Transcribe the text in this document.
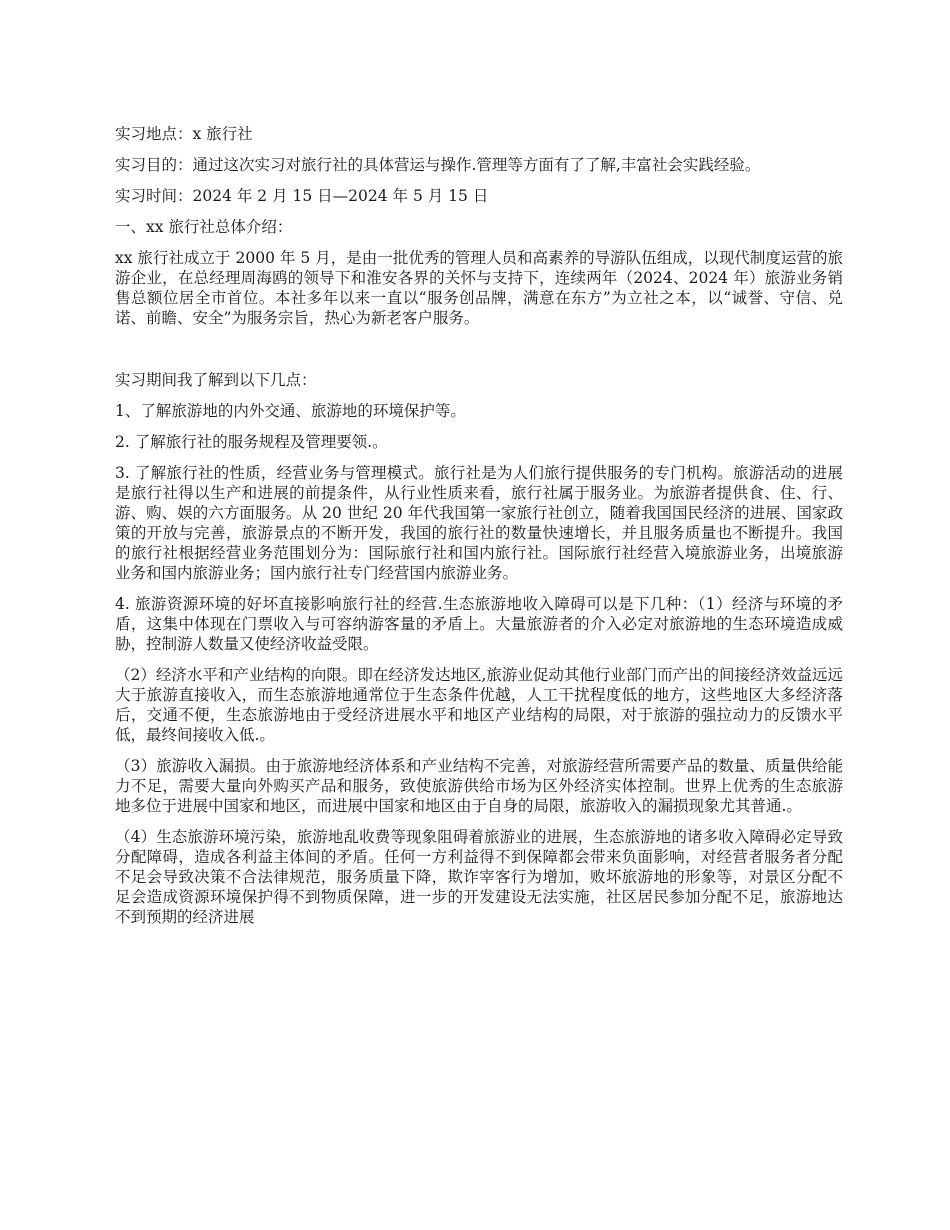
实习地点：x 旅行社

实习目的：通过这次实习对旅行社的具体营运与操作.管理等方面有了了解,丰富社会实践经验。

实习时间：2024 年 2 月 15 日—2024 年 5 月 15 日

一、xx 旅行社总体介绍：

xx 旅行社成立于 2000 年 5 月，是由一批优秀的管理人员和高素养的导游队伍组成，以现代制度运营的旅游企业，在总经理周海鸥的领导下和淮安各界的关怀与支持下，连续两年（2024、2024 年）旅游业务销售总额位居全市首位。本社多年以来一直以“服务创品牌，满意在东方”为立社之本，以“诚誉、守信、兑诺、前瞻、安全”为服务宗旨，热心为新老客户服务。

实习期间我了解到以下几点：

1、了解旅游地的内外交通、旅游地的环境保护等。

2. 了解旅行社的服务规程及管理要领.。

3. 了解旅行社的性质，经营业务与管理模式。旅行社是为人们旅行提供服务的专门机构。旅游活动的进展是旅行社得以生产和进展的前提条件，从行业性质来看，旅行社属于服务业。为旅游者提供食、住、行、游、购、娱的六方面服务。从 20 世纪 20 年代我国第一家旅行社创立，随着我国国民经济的进展、国家政策的开放与完善，旅游景点的不断开发，我国的旅行社的数量快速增长，并且服务质量也不断提升。我国的旅行社根据经营业务范围划分为：国际旅行社和国内旅行社。国际旅行社经营入境旅游业务，出境旅游业务和国内旅游业务；国内旅行社专门经营国内旅游业务。

4. 旅游资源环境的好坏直接影响旅行社的经营.生态旅游地收入障碍可以是下几种：（1）经济与环境的矛盾，这集中体现在门票收入与可容纳游客量的矛盾上。大量旅游者的介入必定对旅游地的生态环境造成威胁，控制游人数量又使经济收益受限。

（2）经济水平和产业结构的向限。即在经济发达地区,旅游业促动其他行业部门而产出的间接经济效益远远大于旅游直接收入，而生态旅游地通常位于生态条件优越，人工干扰程度低的地方，这些地区大多经济落后，交通不便，生态旅游地由于受经济进展水平和地区产业结构的局限，对于旅游的强拉动力的反馈水平低，最终间接收入低.。

（3）旅游收入漏损。由于旅游地经济体系和产业结构不完善，对旅游经营所需要产品的数量、质量供给能力不足，需要大量向外购买产品和服务，致使旅游供给市场为区外经济实体控制。世界上优秀的生态旅游地多位于进展中国家和地区，而进展中国家和地区由于自身的局限，旅游收入的漏损现象尤其普通.。

（4）生态旅游环境污染，旅游地乱收费等现象阻碍着旅游业的进展，生态旅游地的诸多收入障碍必定导致分配障碍，造成各利益主体间的矛盾。任何一方利益得不到保障都会带来负面影响，对经营者服务者分配不足会导致决策不合法律规范，服务质量下降，欺诈宰客行为增加，败坏旅游地的形象等，对景区分配不足会造成资源环境保护得不到物质保障，进一步的开发建设无法实施，社区居民参加分配不足，旅游地达不到预期的经济进展
